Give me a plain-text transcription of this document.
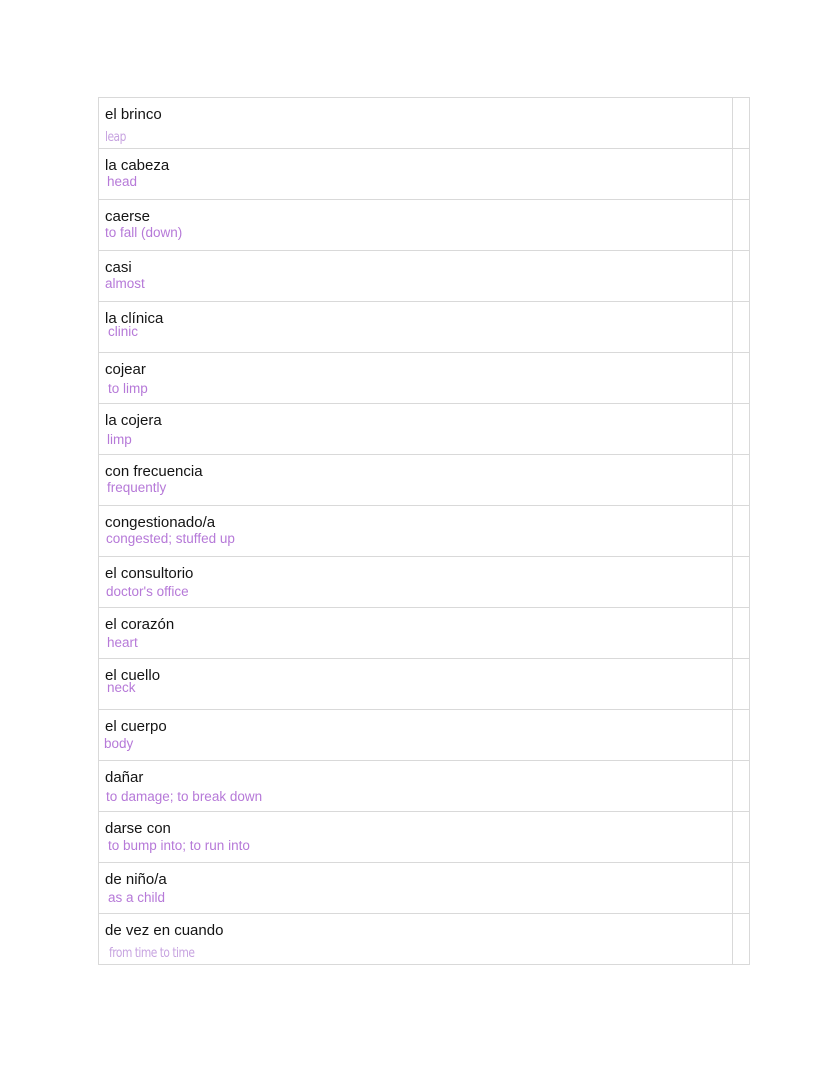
el brinco
leap	

la cabeza
head	

caerse
to fall (down)	

casi
almost	

la clínica
clinic	

cojear
to limp	

la cojera
limp	

con frecuencia
frequently	

congestionado/a
congested; stuffed up	

el consultorio
doctor's office	

el corazón
heart	

el cuello
neck	

el cuerpo
body	

dañar
to damage; to break down	

darse con
to bump into; to run into	

de niño/a
as a child	

de vez en cuando
from time to time	
